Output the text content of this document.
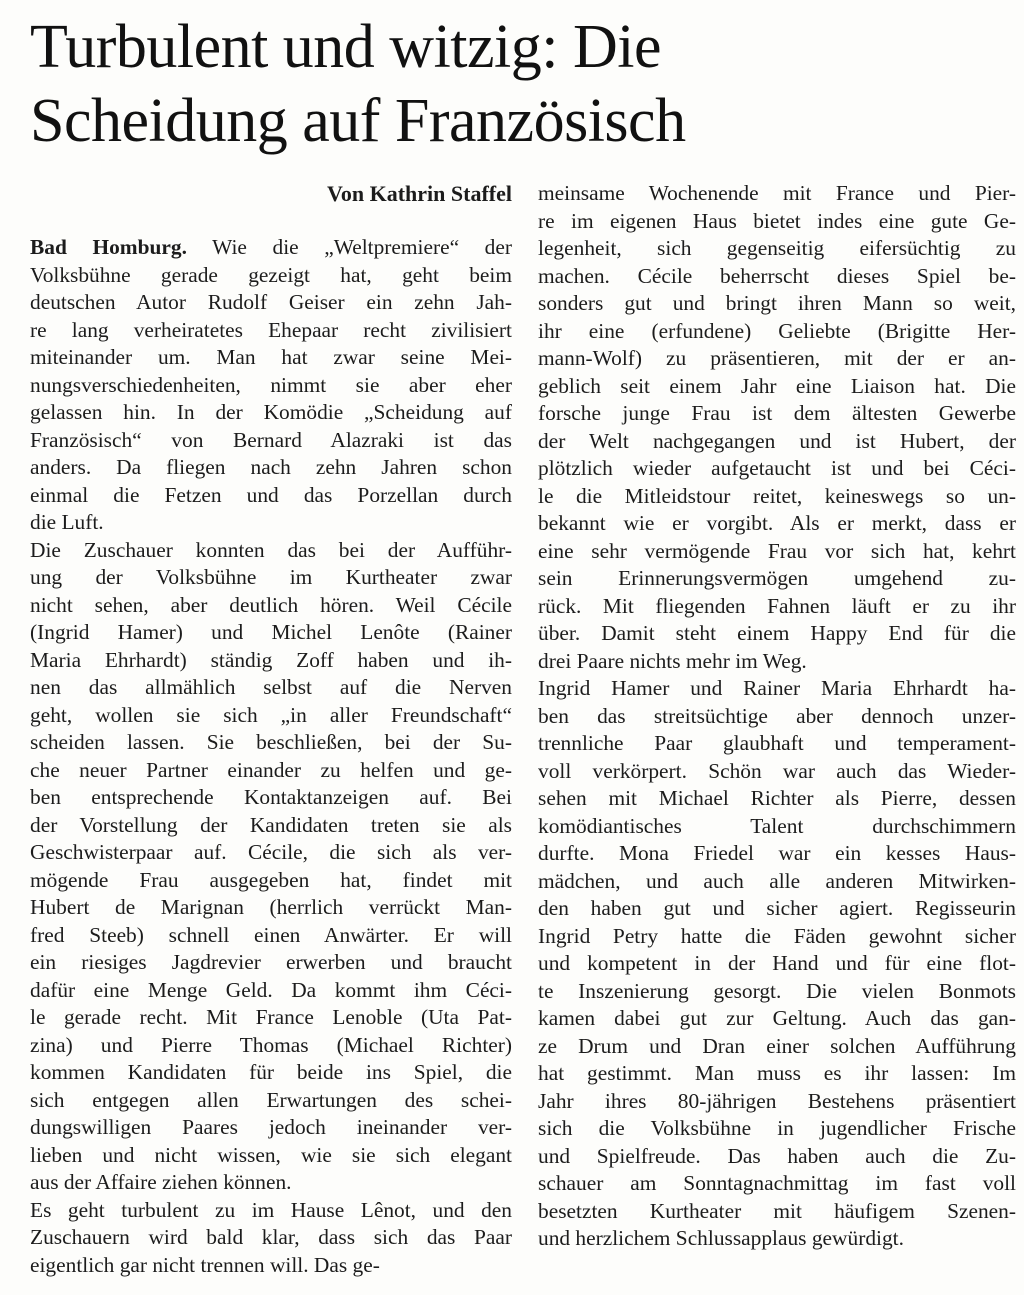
Turbulent und witzig: Die
Scheidung auf Französisch
Von Kathrin Staffel
Bad Homburg. Wie die „Weltpremiere“ der
Volksbühne gerade gezeigt hat, geht beim
deutschen Autor Rudolf Geiser ein zehn Jah-
re lang verheiratetes Ehepaar recht zivilisiert
miteinander um. Man hat zwar seine Mei-
nungsverschiedenheiten, nimmt sie aber eher
gelassen hin. In der Komödie „Scheidung auf
Französisch“ von Bernard Alazraki ist das
anders. Da fliegen nach zehn Jahren schon
einmal die Fetzen und das Porzellan durch
die Luft.
Die Zuschauer konnten das bei der Aufführ-
ung der Volksbühne im Kurtheater zwar
nicht sehen, aber deutlich hören. Weil Cécile
(Ingrid Hamer) und Michel Lenôte (Rainer
Maria Ehrhardt) ständig Zoff haben und ih-
nen das allmählich selbst auf die Nerven
geht, wollen sie sich „in aller Freundschaft“
scheiden lassen. Sie beschließen, bei der Su-
che neuer Partner einander zu helfen und ge-
ben entsprechende Kontaktanzeigen auf. Bei
der Vorstellung der Kandidaten treten sie als
Geschwisterpaar auf. Cécile, die sich als ver-
mögende Frau ausgegeben hat, findet mit
Hubert de Marignan (herrlich verrückt Man-
fred Steeb) schnell einen Anwärter. Er will
ein riesiges Jagdrevier erwerben und braucht
dafür eine Menge Geld. Da kommt ihm Céci-
le gerade recht. Mit France Lenoble (Uta Pat-
zina) und Pierre Thomas (Michael Richter)
kommen Kandidaten für beide ins Spiel, die
sich entgegen allen Erwartungen des schei-
dungswilligen Paares jedoch ineinander ver-
lieben und nicht wissen, wie sie sich elegant
aus der Affaire ziehen können.
Es geht turbulent zu im Hause Lênot, und den
Zuschauern wird bald klar, dass sich das Paar
eigentlich gar nicht trennen will. Das ge-
meinsame Wochenende mit France und Pier-
re im eigenen Haus bietet indes eine gute Ge-
legenheit, sich gegenseitig eifersüchtig zu
machen. Cécile beherrscht dieses Spiel be-
sonders gut und bringt ihren Mann so weit,
ihr eine (erfundene) Geliebte (Brigitte Her-
mann-Wolf) zu präsentieren, mit der er an-
geblich seit einem Jahr eine Liaison hat. Die
forsche junge Frau ist dem ältesten Gewerbe
der Welt nachgegangen und ist Hubert, der
plötzlich wieder aufgetaucht ist und bei Céci-
le die Mitleidstour reitet, keineswegs so un-
bekannt wie er vorgibt. Als er merkt, dass er
eine sehr vermögende Frau vor sich hat, kehrt
sein Erinnerungsvermögen umgehend zu-
rück. Mit fliegenden Fahnen läuft er zu ihr
über. Damit steht einem Happy End für die
drei Paare nichts mehr im Weg.
Ingrid Hamer und Rainer Maria Ehrhardt ha-
ben das streitsüchtige aber dennoch unzer-
trennliche Paar glaubhaft und temperament-
voll verkörpert. Schön war auch das Wieder-
sehen mit Michael Richter als Pierre, dessen
komödiantisches Talent durchschimmern
durfte. Mona Friedel war ein kesses Haus-
mädchen, und auch alle anderen Mitwirken-
den haben gut und sicher agiert. Regisseurin
Ingrid Petry hatte die Fäden gewohnt sicher
und kompetent in der Hand und für eine flot-
te Inszenierung gesorgt. Die vielen Bonmots
kamen dabei gut zur Geltung. Auch das gan-
ze Drum und Dran einer solchen Aufführung
hat gestimmt. Man muss es ihr lassen: Im
Jahr ihres 80-jährigen Bestehens präsentiert
sich die Volksbühne in jugendlicher Frische
und Spielfreude. Das haben auch die Zu-
schauer am Sonntagnachmittag im fast voll
besetzten Kurtheater mit häufigem Szenen-
und herzlichem Schlussapplaus gewürdigt.
